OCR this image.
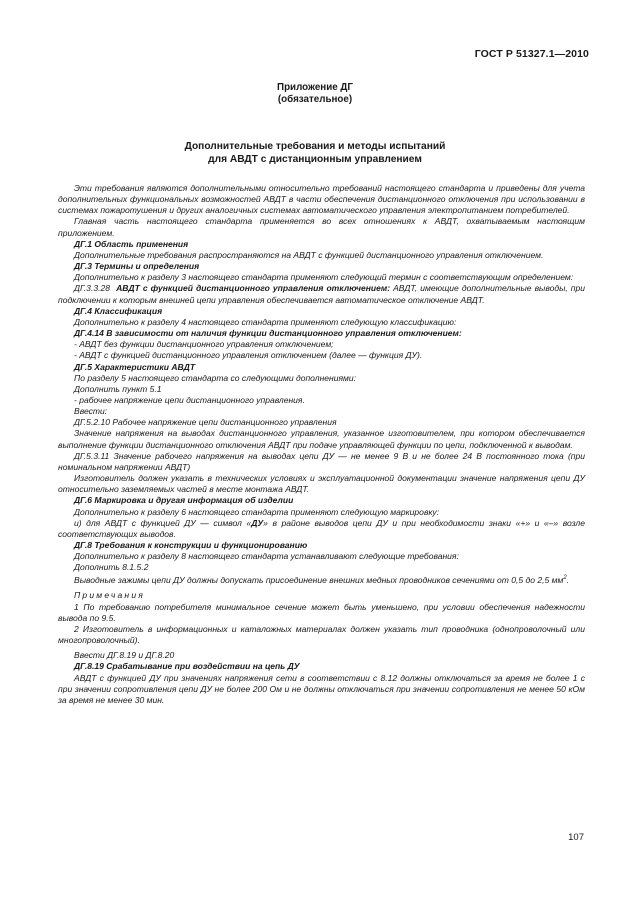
ГОСТ Р 51327.1—2010
Приложение ДГ
(обязательное)
Дополнительные требования и методы испытаний
для АВДТ с дистанционным управлением

Эти требования являются дополнительными относительно требований настоящего стандарта и приведены для учета дополнительных функциональных возможностей АВДТ в части обеспечения дистанционного отключения при использовании в системах пожаротушения и других аналогичных системах автоматического управления электропитанием потребителей.

Главная часть настоящего стандарта применяется во всех отношениях к АВДТ, охватываемым настоящим приложением.

ДГ.1 Область применения

Дополнительные требования распространяются на АВДТ с функцией дистанционного управления отключением.

ДГ.3 Термины и определения

Дополнительно к разделу 3 настоящего стандарта применяют следующий термин с соответствующим определением:

ДГ.3.3.28 АВДТ с функцией дистанционного управления отключением: АВДТ, имеющие дополнительные выводы, при подключении к которым внешней цепи управления обеспечивается автоматическое отключение АВДТ.

ДГ.4 Классификация

Дополнительно к разделу 4 настоящего стандарта применяют следующую классификацию:

ДГ.4.14 В зависимости от наличия функции дистанционного управления отключением:

- АВДТ без функции дистанционного управления отключением;

- АВДТ с функцией дистанционного управления отключением (далее — функция ДУ).

ДГ.5 Характеристики АВДТ

По разделу 5 настоящего стандарта со следующими дополнениями:

Дополнить пункт 5.1

- рабочее напряжение цепи дистанционного управления.

Ввести:

ДГ.5.2.10 Рабочее напряжение цепи дистанционного управления

Значение напряжения на выводах дистанционного управления, указанное изготовителем, при котором обеспечивается выполнение функции дистанционного отключения АВДТ при подаче управляющей функции по цепи, подключенной к выводам.

ДГ.5.3.11 Значение рабочего напряжения на выводах цепи ДУ — не менее 9 В и не более 24 В постоянного тока (при номинальном напряжении АВДТ)

Изготовитель должен указать в технических условиях и эксплуатационной документации значение напряжения цепи ДУ относительно заземляемых частей в месте монтажа АВДТ.

ДГ.6 Маркировка и другая информация об изделии

Дополнительно к разделу 6 настоящего стандарта применяют следующую маркировку:

и) для АВДТ с функцией ДУ — символ «ДУ» в районе выводов цепи ДУ и при необходимости знаки «+» и «–» возле соответствующих выводов.

ДГ.8 Требования к конструкции и функционированию

Дополнительно к разделу 8 настоящего стандарта устанавливают следующие требования:

Дополнить 8.1.5.2

Выводные зажимы цепи ДУ должны допускать присоединение внешних медных проводников сечениями от 0,5 до 2,5 $мм^2$.

Примечания

1 По требованию потребителя минимальное сечение может быть уменьшено, при условии обеспечения надежности вывода по 9.5.

2 Изготовитель в информационных и каталожных материалах должен указать тип проводника (однопроволочный или многопроволочный).

Ввести ДГ.8.19 и ДГ.8.20

ДГ.8.19 Срабатывание при воздействии на цепь ДУ

АВДТ с функцией ДУ при значениях напряжения сети в соответствии с 8.12 должны отключаться за время не более 1 с при значении сопротивления цепи ДУ не более 200 Ом и не должны отключаться при значении сопротивления не менее 50 кОм за время не менее 30 мин.

107
